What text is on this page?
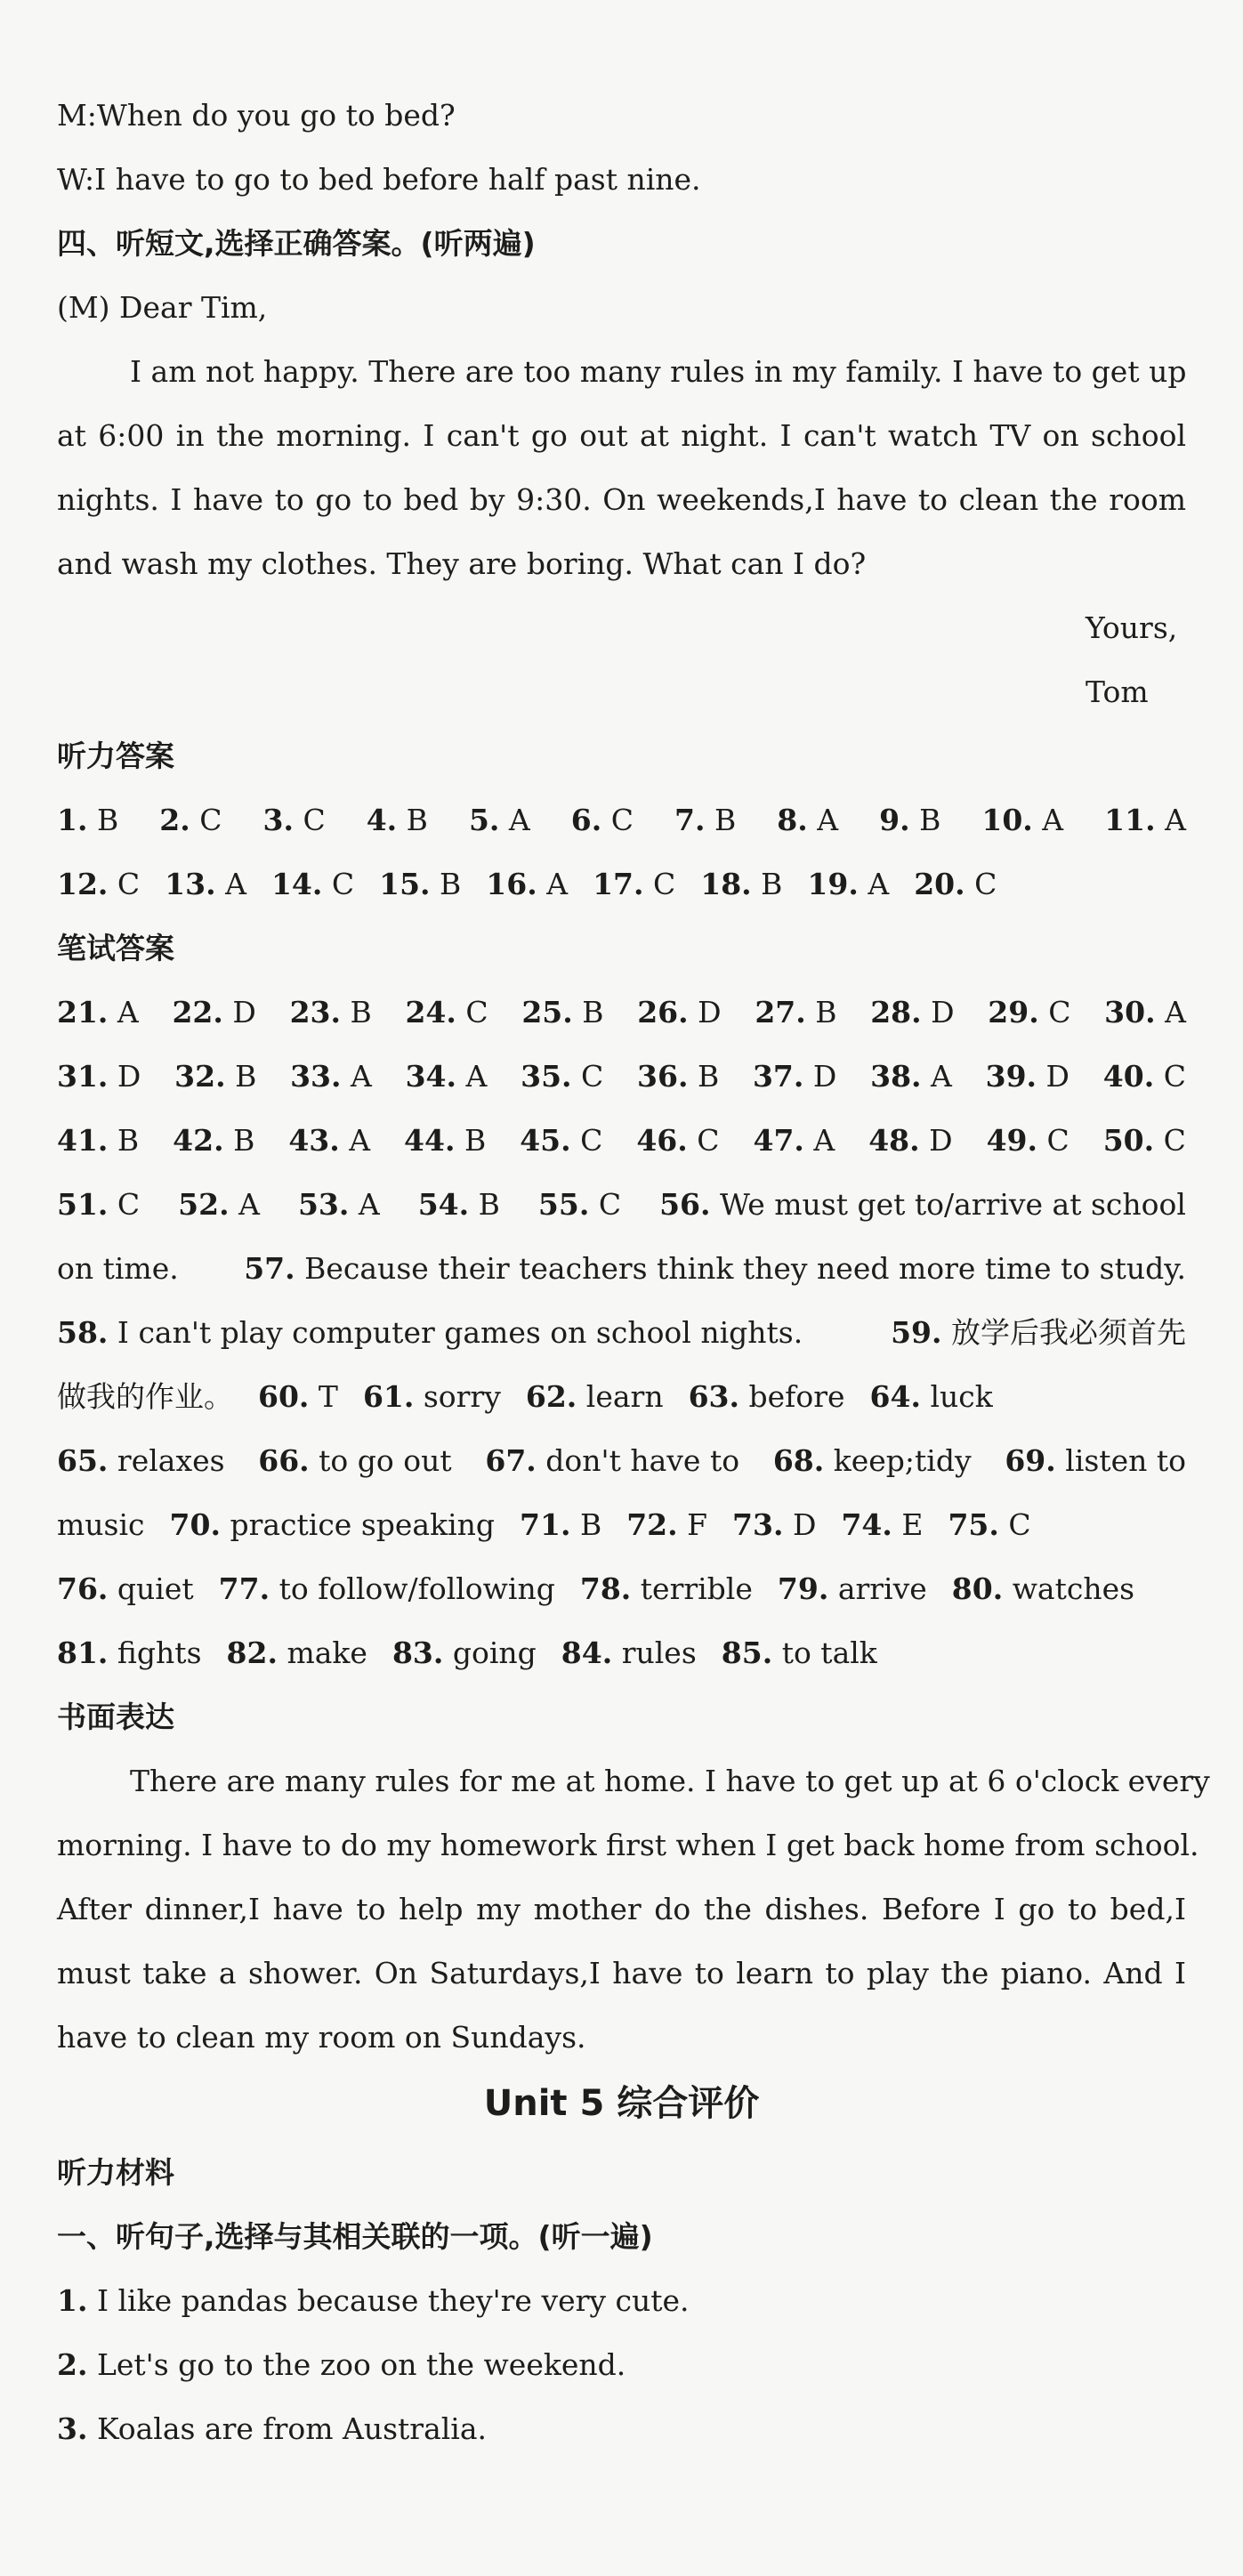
M:When do you go to bed?
W:I have to go to bed before half past nine.
四、听短文,选择正确答案。(听两遍)
(M) Dear Tim,
I am not happy. There are too many rules in my family. I have to get up
at 6:00 in the morning. I can't go out at night. I can't watch TV on school
nights. I have to go to bed by 9:30. On weekends,I have to clean the room
and wash my clothes. They are boring. What can I do?
Yours,
Tom
听力答案
1. B 2. C 3. C 4. B 5. A 6. C 7. B 8. A 9. B 10. A 11. A
12. C 13. A 14. C 15. B 16. A 17. C 18. B 19. A 20. C
笔试答案
21. A 22. D 23. B 24. C 25. B 26. D 27. B 28. D 29. C 30. A
31. D 32. B 33. A 34. A 35. C 36. B 37. D 38. A 39. D 40. C
41. B 42. B 43. A 44. B 45. C 46. C 47. A 48. D 49. C 50. C
51. C 52. A 53. A 54. B 55. C 56. We must get to/arrive at school
on time. 57. Because their teachers think they need more time to study.
58. I can't play computer games on school nights.	59. 放学后我必须首先
做我的作业。 60. T 61. sorry 62. learn 63. before 64. luck
65. relaxes 66. to go out 67. don't have to 68. keep;tidy 69. listen to
music 70. practice speaking 71. B 72. F 73. D 74. E 75. C
76. quiet 77. to follow/following 78. terrible 79. arrive 80. watches
81. fights 82. make 83. going 84. rules 85. to talk
书面表达
There are many rules for me at home. I have to get up at 6 o'clock every
morning. I have to do my homework first when I get back home from school.
After dinner,I have to help my mother do the dishes. Before I go to bed,I
must take a shower. On Saturdays,I have to learn to play the piano. And I
have to clean my room on Sundays.
Unit 5 综合评价
听力材料
一、听句子,选择与其相关联的一项。(听一遍)
1. I like pandas because they're very cute.
2. Let's go to the zoo on the weekend.
3. Koalas are from Australia.
